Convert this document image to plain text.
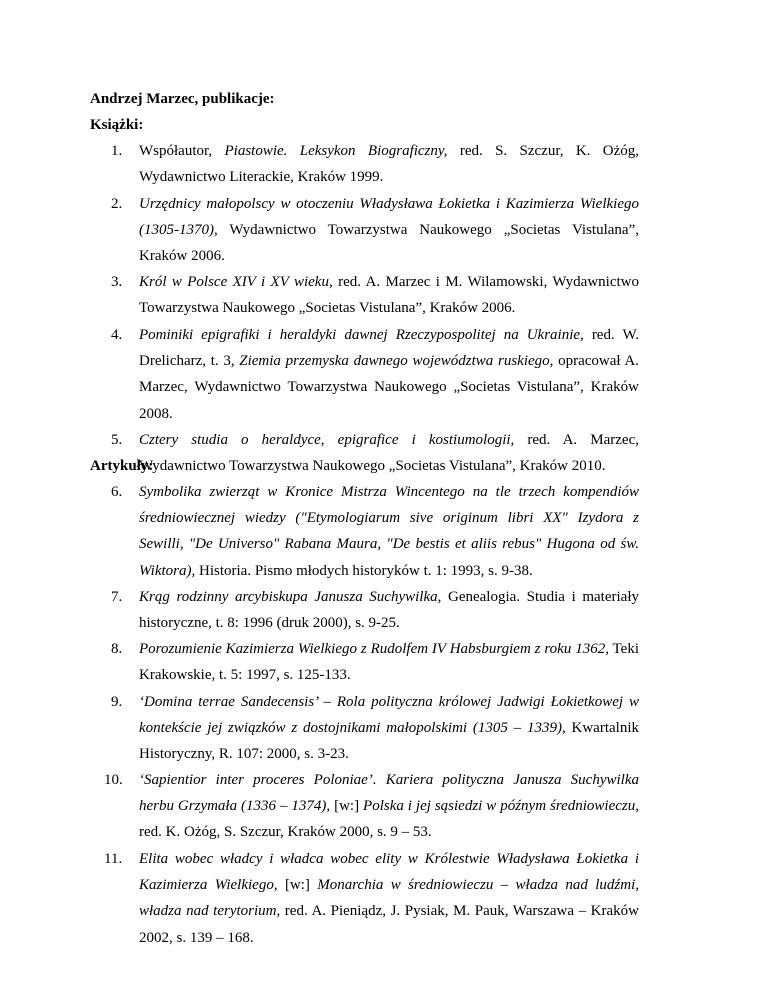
Andrzej Marzec, publikacje:
Książki:
1. Współautor, Piastowie. Leksykon Biograficzny, red. S. Szczur, K. Ożóg, Wydawnictwo Literackie, Kraków 1999.
2. Urzędnicy małopolscy w otoczeniu Władysława Łokietka i Kazimierza Wielkiego (1305-1370), Wydawnictwo Towarzystwa Naukowego „Societas Vistulana”, Kraków 2006.
3. Król w Polsce XIV i XV wieku, red. A. Marzec i M. Wilamowski, Wydawnictwo Towarzystwa Naukowego „Societas Vistulana”, Kraków 2006.
4. Pominiki epigrafiki i heraldyki dawnej Rzeczypospolitej na Ukrainie, red. W. Drelicharz, t. 3, Ziemia przemyska dawnego województwa ruskiego, opracował A. Marzec, Wydawnictwo Towarzystwa Naukowego „Societas Vistulana”, Kraków 2008.
5. Cztery studia o heraldyce, epigrafice i kostiumologii, red. A. Marzec, Wydawnictwo Towarzystwa Naukowego „Societas Vistulana”, Kraków 2010.
Artykuły:
6. Symbolika zwierząt w Kronice Mistrza Wincentego na tle trzech kompendiów średniowiecznej wiedzy ("Etymologiarum sive originum libri XX" Izydora z Sewilli, "De Universo" Rabana Maura, "De bestis et aliis rebus" Hugona od św. Wiktora), Historia. Pismo młodych historyków t. 1: 1993, s. 9-38.
7. Krąg rodzinny arcybiskupa Janusza Suchywilka, Genealogia. Studia i materiały historyczne, t. 8: 1996 (druk 2000), s. 9-25.
8. Porozumienie Kazimierza Wielkiego z Rudolfem IV Habsburgiem z roku 1362, Teki Krakowskie, t. 5: 1997, s. 125-133.
9. ‘Domina terrae Sandecensis’ – Rola polityczna królowej Jadwigi Łokietkowej w kontekście jej związków z dostojnikami małopolskimi (1305 – 1339), Kwartalnik Historyczny, R. 107: 2000, s. 3-23.
10. ‘Sapientior inter proceres Poloniae’. Kariera polityczna Janusza Suchywilka herbu Grzymała (1336 – 1374), [w:] Polska i jej sąsiedzi w późnym średniowieczu, red. K. Ożóg, S. Szczur, Kraków 2000, s. 9 – 53.
11. Elita wobec władcy i władca wobec elity w Królestwie Władysława Łokietka i Kazimierza Wielkiego, [w:] Monarchia w średniowieczu – władza nad ludźmi, władza nad terytorium, red. A. Pieniądz, J. Pysiak, M. Pauk, Warszawa – Kraków 2002, s. 139 – 168.
